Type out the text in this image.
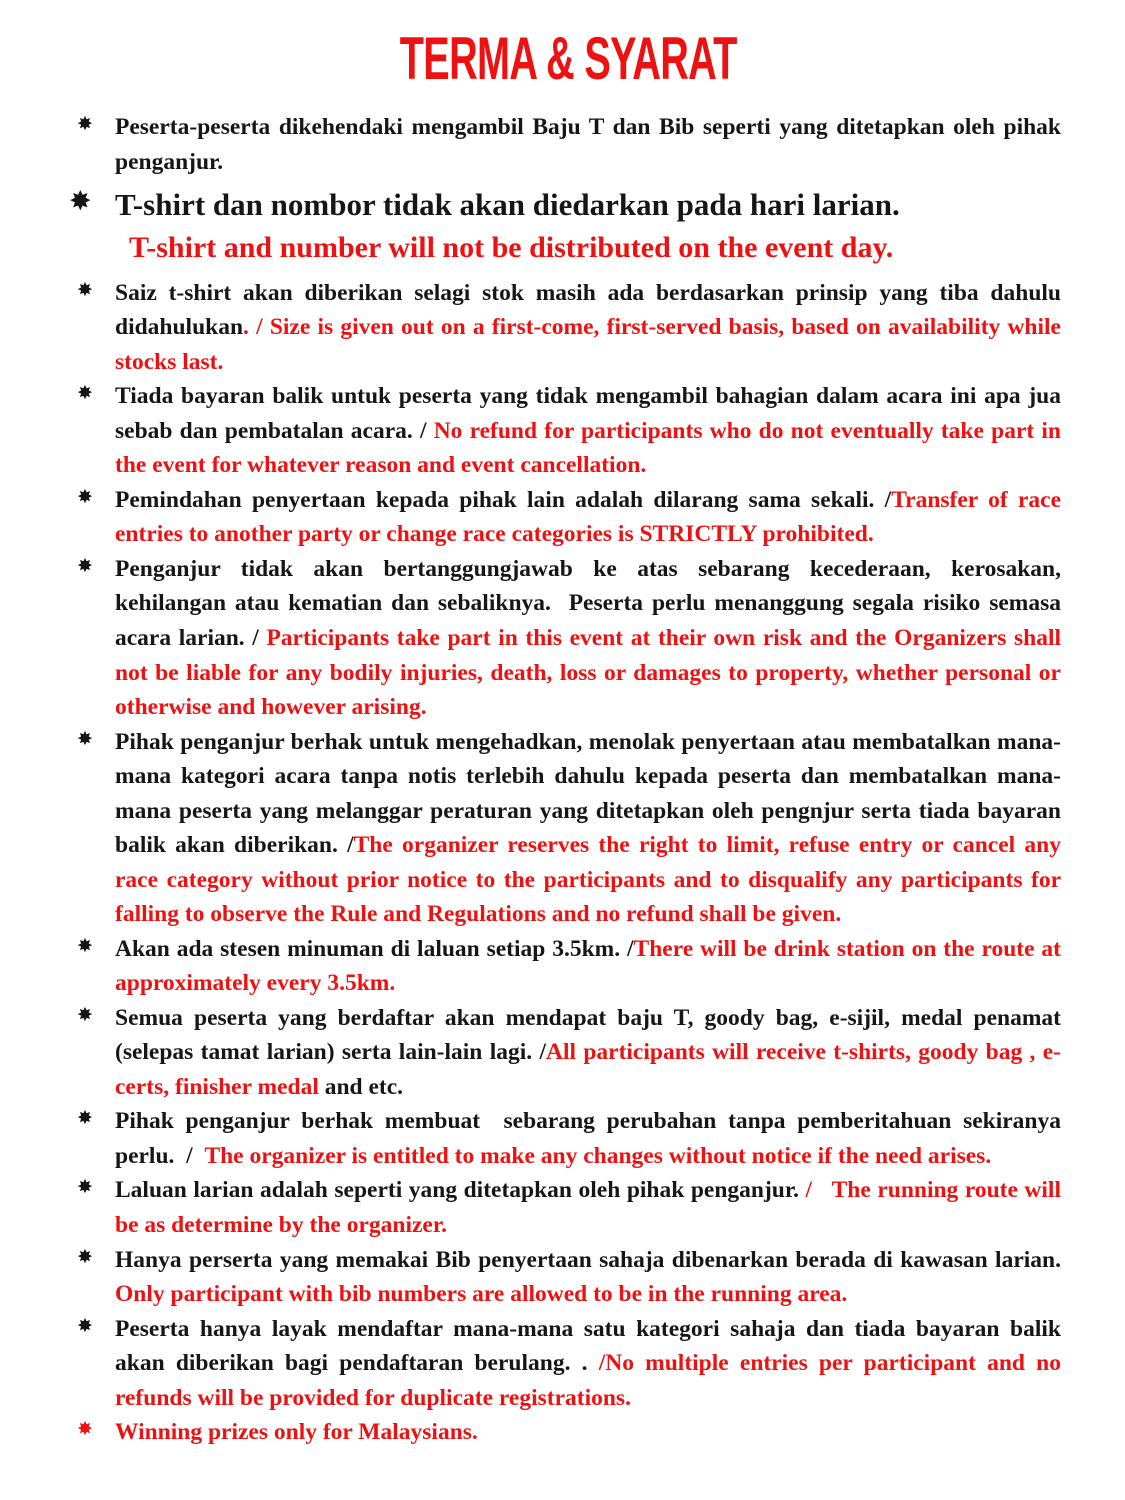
TERMA & SYARAT
✸ Peserta-peserta dikehendaki mengambil Baju T dan Bib seperti yang ditetapkan oleh pihak penganjur.
✸ T-shirt dan nombor tidak akan diedarkan pada hari larian.
T-shirt and number will not be distributed on the event day.
✸ Saiz t-shirt akan diberikan selagi stok masih ada berdasarkan prinsip yang tiba dahulu didahulukan. / Size is given out on a first-come, first-served basis, based on availability while stocks last.
✸ Tiada bayaran balik untuk peserta yang tidak mengambil bahagian dalam acara ini apa jua sebab dan pembatalan acara. / No refund for participants who do not eventually take part in the event for whatever reason and event cancellation.
✸ Pemindahan penyertaan kepada pihak lain adalah dilarang sama sekali. /Transfer of race entries to another party or change race categories is STRICTLY prohibited.
✸ Penganjur tidak akan bertanggungjawab ke atas sebarang kecederaan, kerosakan, kehilangan atau kematian dan sebaliknya.  Peserta perlu menanggung segala risiko semasa acara larian. / Participants take part in this event at their own risk and the Organizers shall not be liable for any bodily injuries, death, loss or damages to property, whether personal or otherwise and however arising.
✸ Pihak penganjur berhak untuk mengehadkan, menolak penyertaan atau membatalkan mana-mana kategori acara tanpa notis terlebih dahulu kepada peserta dan membatalkan mana-mana peserta yang melanggar peraturan yang ditetapkan oleh pengnjur serta tiada bayaran balik akan diberikan. /The organizer reserves the right to limit, refuse entry or cancel any race category without prior notice to the participants and to disqualify any participants for falling to observe the Rule and Regulations and no refund shall be given.
✸ Akan ada stesen minuman di laluan setiap 3.5km. /There will be drink station on the route at approximately every 3.5km.
✸ Semua peserta yang berdaftar akan mendapat baju T, goody bag, e-sijil, medal penamat (selepas tamat larian) serta lain-lain lagi. /All participants will receive t-shirts, goody bag , e-certs, finisher medal and etc.
✸ Pihak penganjur berhak membuat  sebarang perubahan tanpa pemberitahuan sekiranya perlu.  /  The organizer is entitled to make any changes without notice if the need arises.
✸ Laluan larian adalah seperti yang ditetapkan oleh pihak penganjur. /   The running route will be as determine by the organizer.
✸ Hanya perserta yang memakai Bib penyertaan sahaja dibenarkan berada di kawasan larian. Only participant with bib numbers are allowed to be in the running area.
✸ Peserta hanya layak mendaftar mana-mana satu kategori sahaja dan tiada bayaran balik akan diberikan bagi pendaftaran berulang. . /No multiple entries per participant and no refunds will be provided for duplicate registrations.
✸ Winning prizes only for Malaysians.
